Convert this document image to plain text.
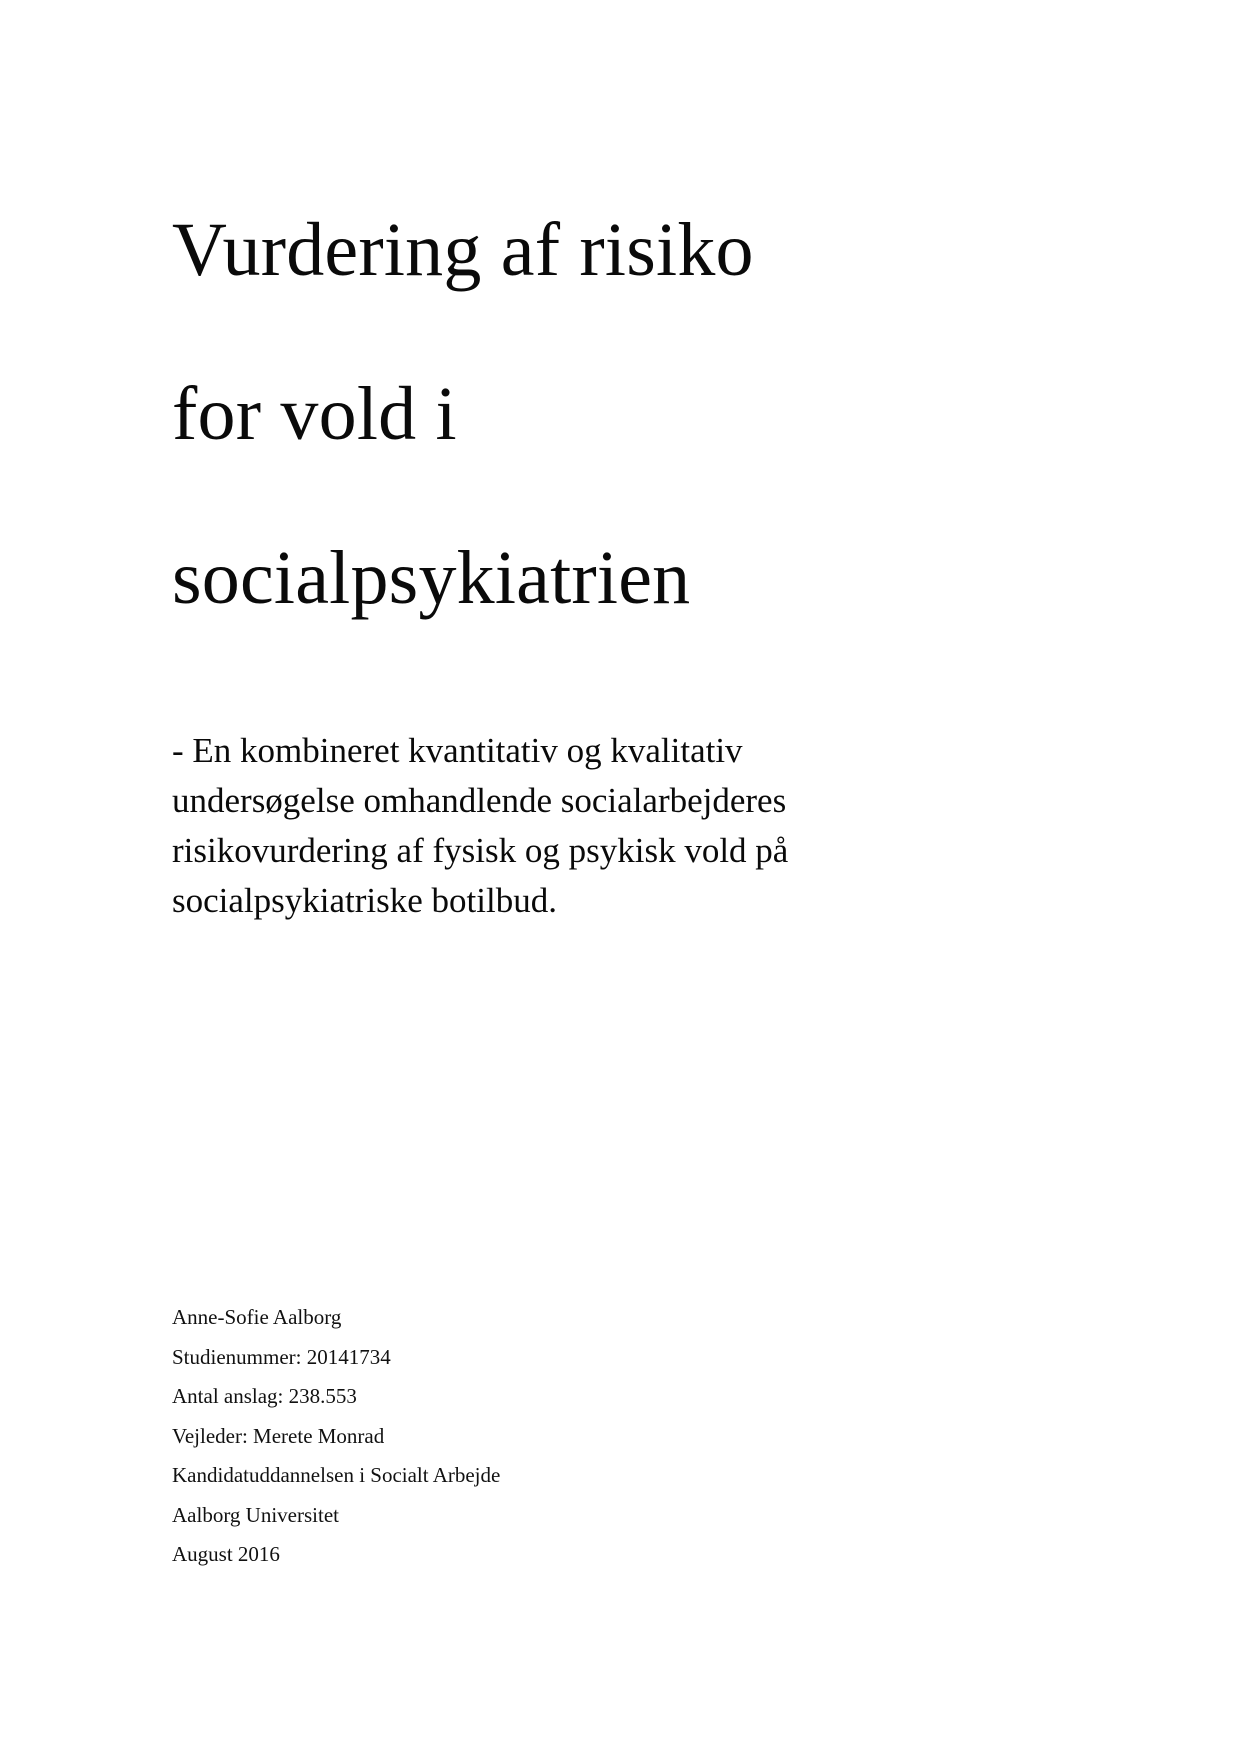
Vurdering af risiko
for vold i
socialpsykiatrien
- En kombineret kvantitativ og kvalitativ
undersøgelse omhandlende socialarbejderes
risikovurdering af fysisk og psykisk vold på
socialpsykiatriske botilbud.
Anne-Sofie Aalborg
Studienummer: 20141734
Antal anslag: 238.553
Vejleder: Merete Monrad
Kandidatuddannelsen i Socialt Arbejde
Aalborg Universitet
August 2016
